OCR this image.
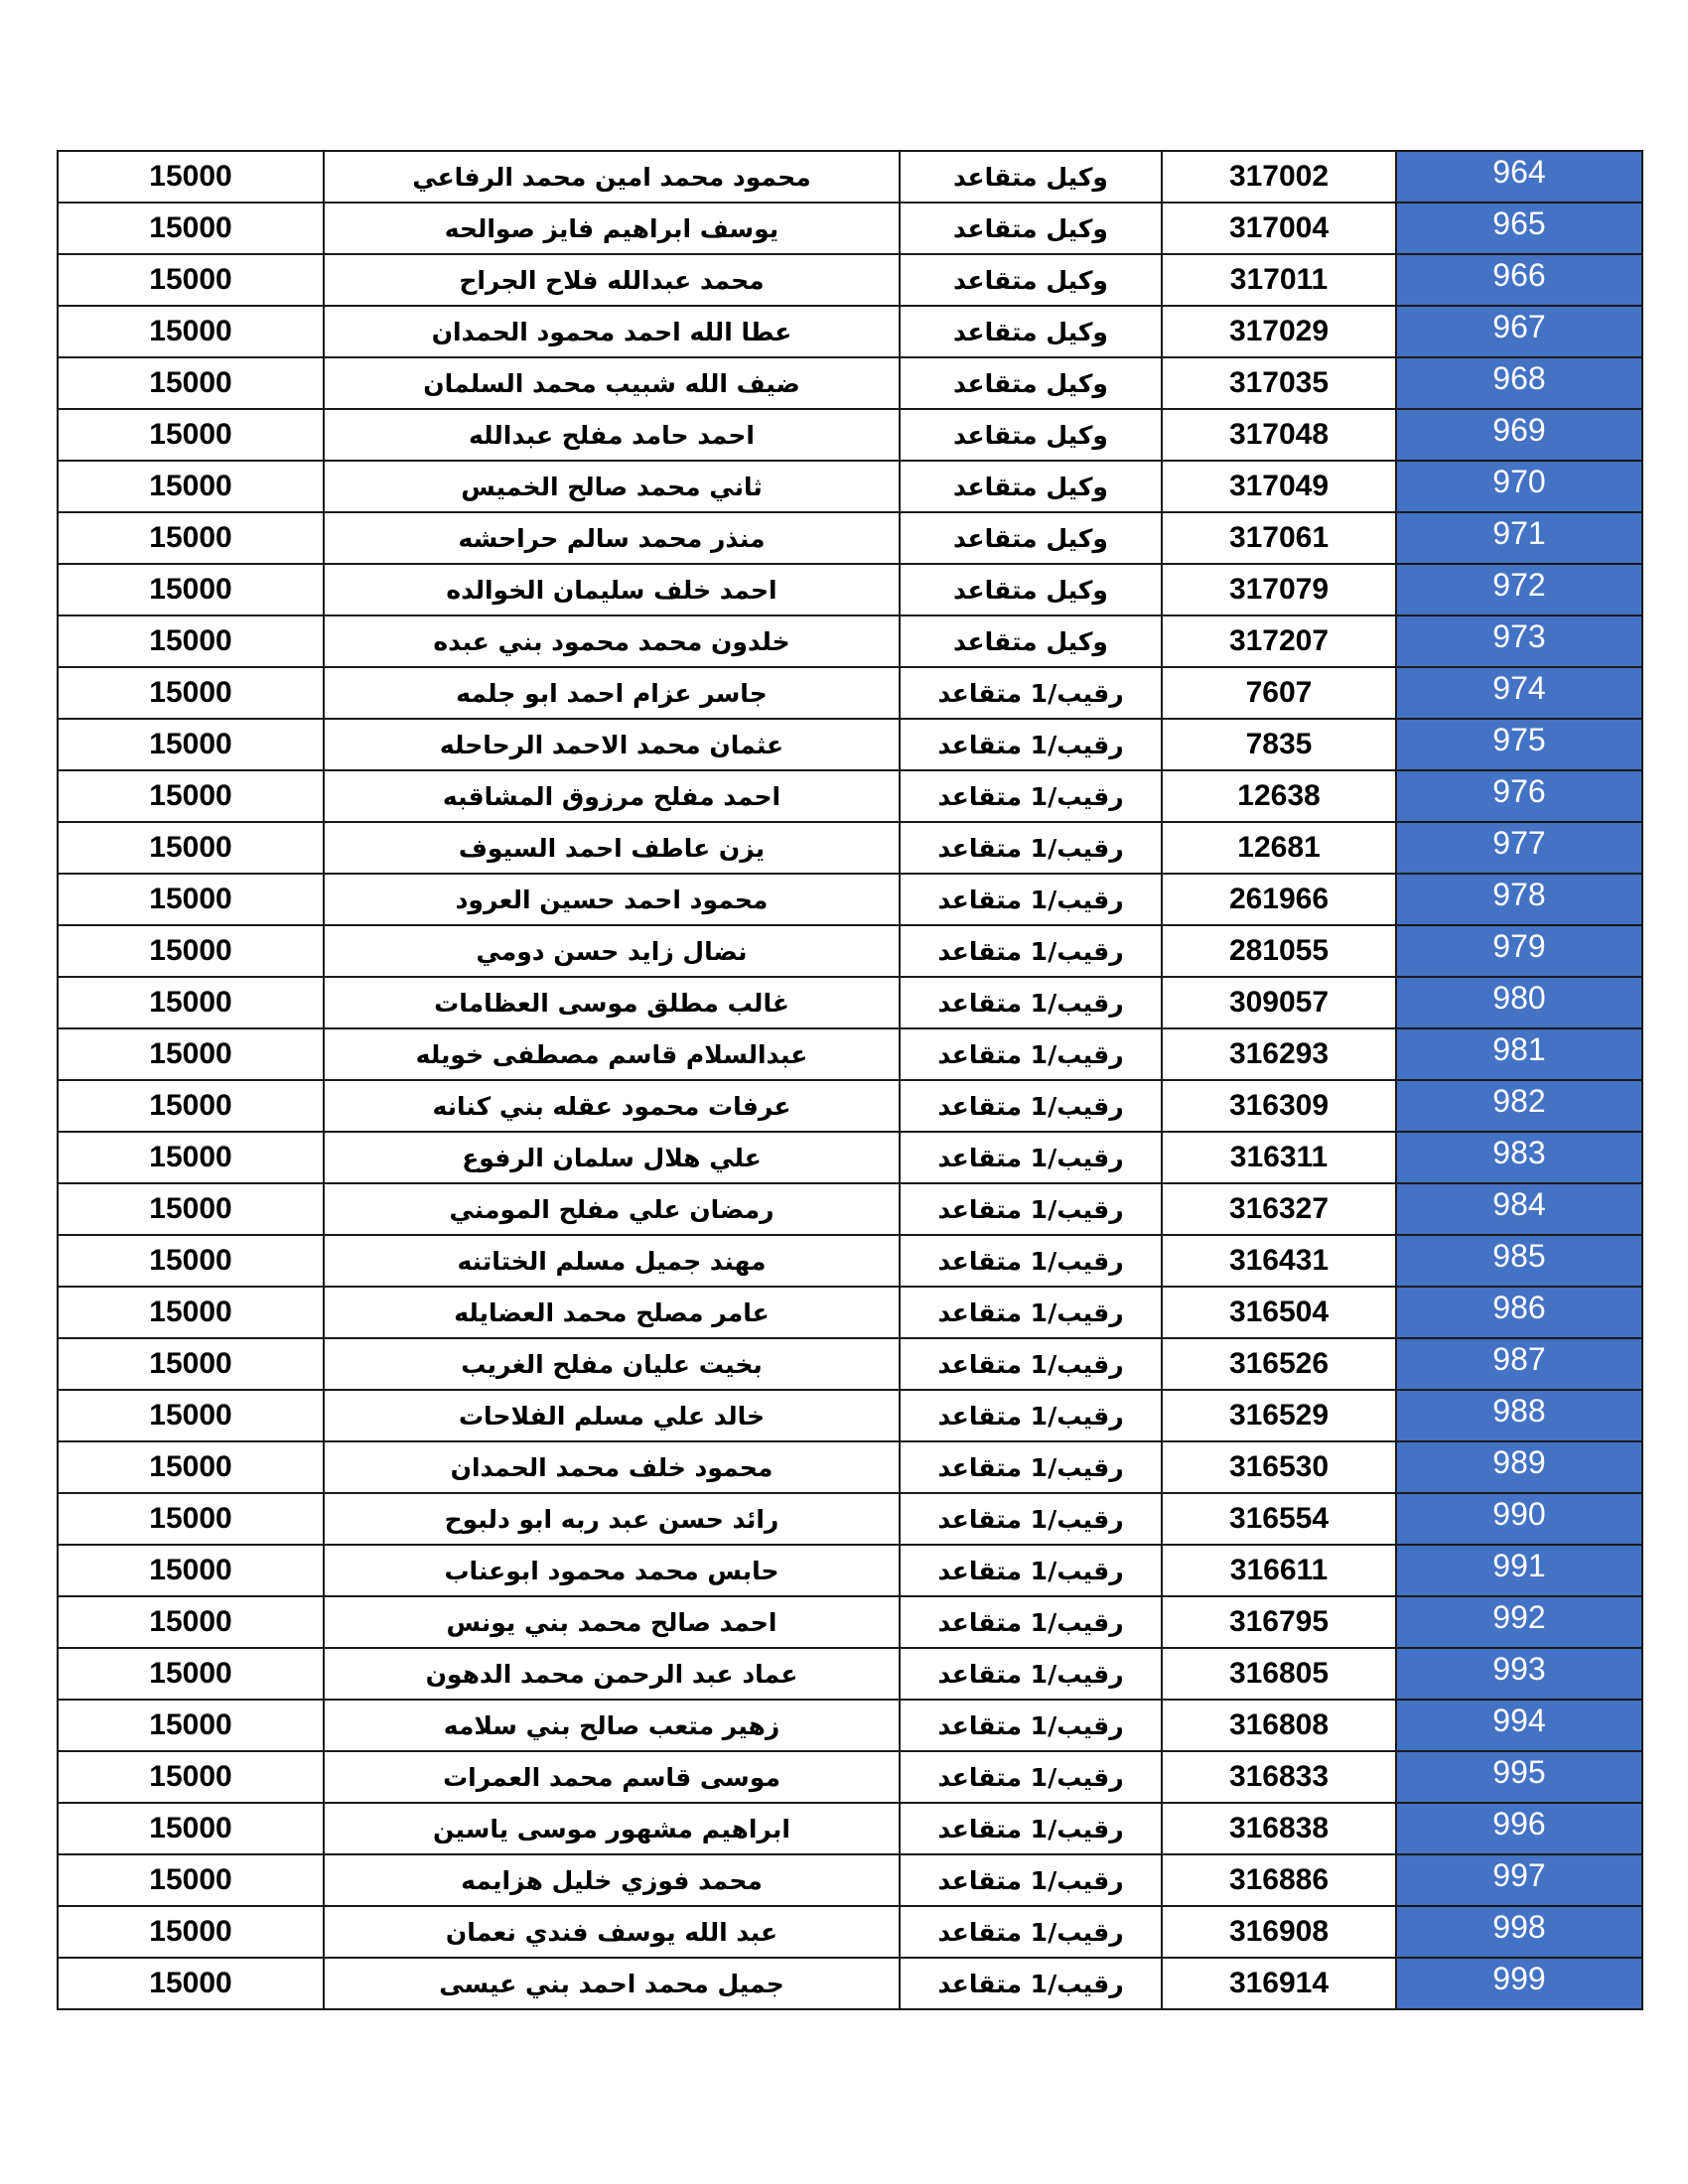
15000	محمود محمد امين محمد الرفاعي	وكيل متقاعد	317002	964
15000	يوسف ابراهيم فايز صوالحه	وكيل متقاعد	317004	965
15000	محمد عبدالله فلاح الجراح	وكيل متقاعد	317011	966
15000	عطا الله احمد محمود الحمدان	وكيل متقاعد	317029	967
15000	ضيف الله شبيب محمد السلمان	وكيل متقاعد	317035	968
15000	احمد حامد مفلح عبدالله	وكيل متقاعد	317048	969
15000	ثاني محمد صالح الخميس	وكيل متقاعد	317049	970
15000	منذر محمد سالم حراحشه	وكيل متقاعد	317061	971
15000	احمد خلف سليمان الخوالده	وكيل متقاعد	317079	972
15000	خلدون محمد محمود بني عبده	وكيل متقاعد	317207	973
15000	جاسر عزام احمد ابو جلمه	رقيب/1 متقاعد	7607	974
15000	عثمان محمد الاحمد الرحاحله	رقيب/1 متقاعد	7835	975
15000	احمد مفلح مرزوق المشاقبه	رقيب/1 متقاعد	12638	976
15000	يزن عاطف احمد السيوف	رقيب/1 متقاعد	12681	977
15000	محمود احمد حسين العرود	رقيب/1 متقاعد	261966	978
15000	نضال زايد حسن دومي	رقيب/1 متقاعد	281055	979
15000	غالب مطلق موسى العظامات	رقيب/1 متقاعد	309057	980
15000	عبدالسلام قاسم مصطفى خويله	رقيب/1 متقاعد	316293	981
15000	عرفات محمود عقله بني كنانه	رقيب/1 متقاعد	316309	982
15000	علي هلال سلمان الرفوع	رقيب/1 متقاعد	316311	983
15000	رمضان علي مفلح المومني	رقيب/1 متقاعد	316327	984
15000	مهند جميل مسلم الختاتنه	رقيب/1 متقاعد	316431	985
15000	عامر مصلح محمد العضايله	رقيب/1 متقاعد	316504	986
15000	بخيت عليان مفلح الغريب	رقيب/1 متقاعد	316526	987
15000	خالد علي مسلم الفلاحات	رقيب/1 متقاعد	316529	988
15000	محمود خلف محمد الحمدان	رقيب/1 متقاعد	316530	989
15000	رائد حسن عبد ربه ابو دلبوح	رقيب/1 متقاعد	316554	990
15000	حابس محمد محمود ابوعناب	رقيب/1 متقاعد	316611	991
15000	احمد صالح محمد بني يونس	رقيب/1 متقاعد	316795	992
15000	عماد عبد الرحمن محمد الدهون	رقيب/1 متقاعد	316805	993
15000	زهير متعب صالح بني سلامه	رقيب/1 متقاعد	316808	994
15000	موسى قاسم محمد العمرات	رقيب/1 متقاعد	316833	995
15000	ابراهيم مشهور موسى ياسين	رقيب/1 متقاعد	316838	996
15000	محمد فوزي خليل هزايمه	رقيب/1 متقاعد	316886	997
15000	عبد الله يوسف فندي نعمان	رقيب/1 متقاعد	316908	998
15000	جميل محمد احمد بني عيسى	رقيب/1 متقاعد	316914	999
